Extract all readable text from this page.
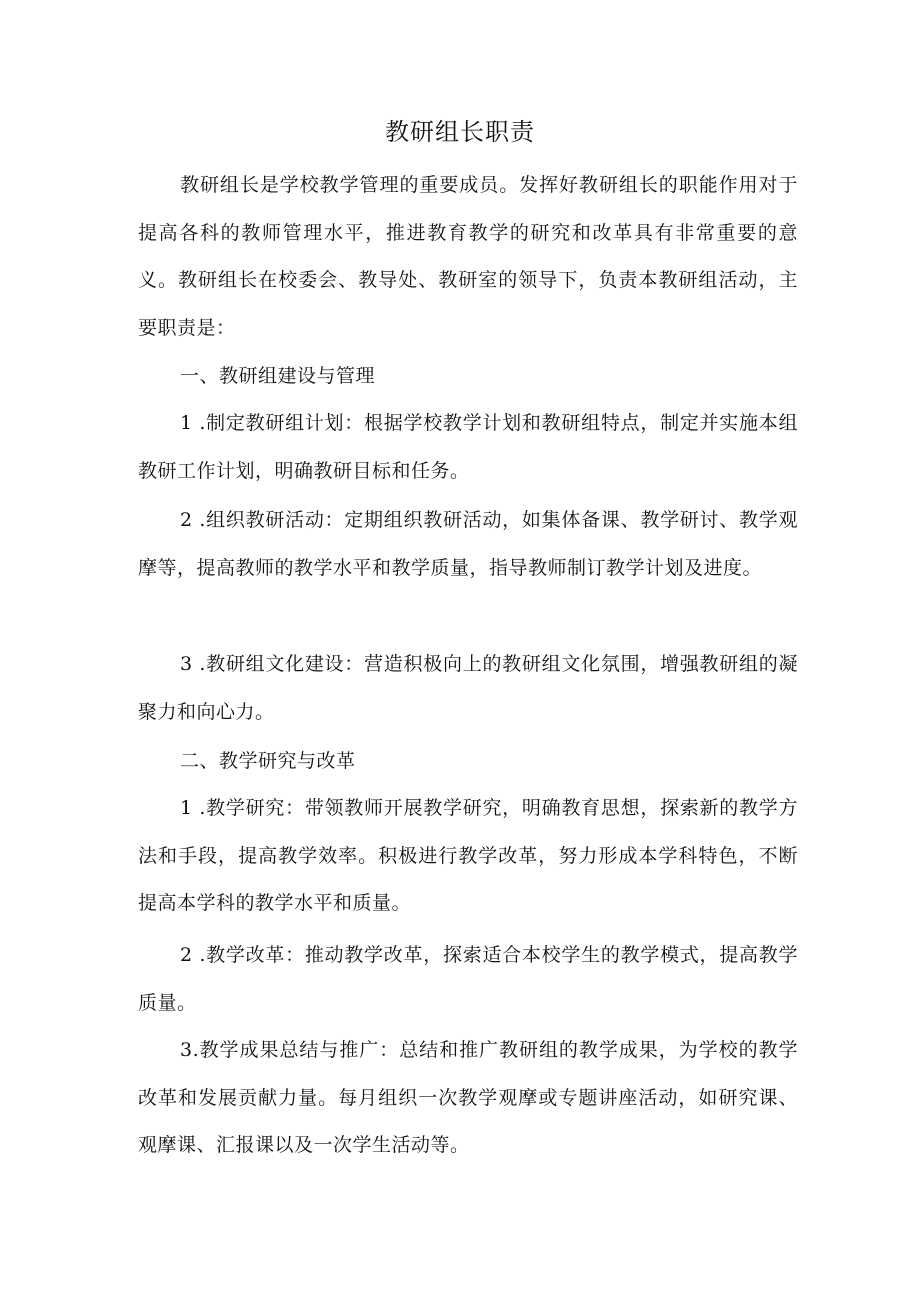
教研组长职责
教研组长是学校教学管理的重要成员。发挥好教研组长的职能作用对于提高各科的教师管理水平，推进教育教学的研究和改革具有非常重要的意义。教研组长在校委会、教导处、教研室的领导下，负责本教研组活动，主要职责是：
一、教研组建设与管理
1 .制定教研组计划：根据学校教学计划和教研组特点，制定并实施本组教研工作计划，明确教研目标和任务。
2 .组织教研活动：定期组织教研活动，如集体备课、教学研讨、教学观摩等，提高教师的教学水平和教学质量，指导教师制订教学计划及进度。
3 .教研组文化建设：营造积极向上的教研组文化氛围，增强教研组的凝聚力和向心力。
二、教学研究与改革
1 .教学研究：带领教师开展教学研究，明确教育思想，探索新的教学方法和手段，提高教学效率。积极进行教学改革，努力形成本学科特色，不断提高本学科的教学水平和质量。
2 .教学改革：推动教学改革，探索适合本校学生的教学模式，提高教学质量。
3.教学成果总结与推广：总结和推广教研组的教学成果，为学校的教学改革和发展贡献力量。每月组织一次教学观摩或专题讲座活动，如研究课、观摩课、汇报课以及一次学生活动等。
